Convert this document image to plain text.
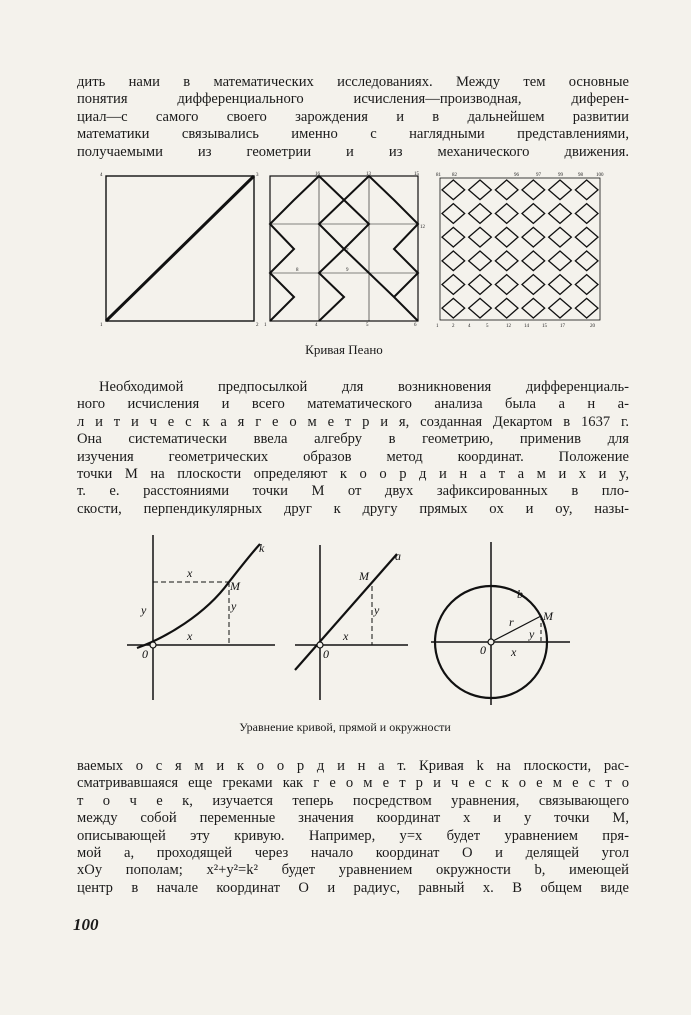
дить нами в математических исследованиях. Между тем основные
понятия дифференциального исчисления—производная, диферен-
циал—с самого своего зарождения и в дальнейшем развитии
математики связывались именно с наглядными представлениями,
получаемыми из геометрии и из механического движения.

4	3
1	2
16	13	15
12
8	9
7
1	4	5	6
81 82	96	97	99	100
98
1	2	4	5	12	14	15	17	20
Кривая Пеано

Необходимой предпосылкой для возникновения дифференциаль-
ного исчисления и всего математического анализа была а н а-
л и т и ч е с к а я г е о м е т р и я, созданная Декартом в 1637 г.
Она систематически ввела алгебру в геометрию, применив для
изучения геометрических образов метод координат. Положение
точки M на плоскости определяют к о о р д и н а т а м и x и y,
т. е. расстояниями точки M от двух зафиксированных в пло-
скости, перпендикулярных друг к другу прямых ox и oy, назы-

k
M
x
y	y
x
0
a
M
y
x
0
b
M
r
y
x
0
Уравнение кривой, прямой и окружности

ваемых о с я м и к о о р д и н а т. Кривая k на плоскости, рас-
сматривавшаяся еще греками как г е о м е т р и ч е с к о е м е с т о
т о ч е к, изучается теперь посредством уравнения, связывающего
между собой переменные значения координат x и y точки M,
описывающей эту кривую. Например, y=x будет уравнением пря-
мой a, проходящей через начало координат O и делящей угол
xOy пополам; x²+y²=k² будет уравнением окружности b, имеющей
центр в начале координат O и радиус, равный x. В общем виде

100
